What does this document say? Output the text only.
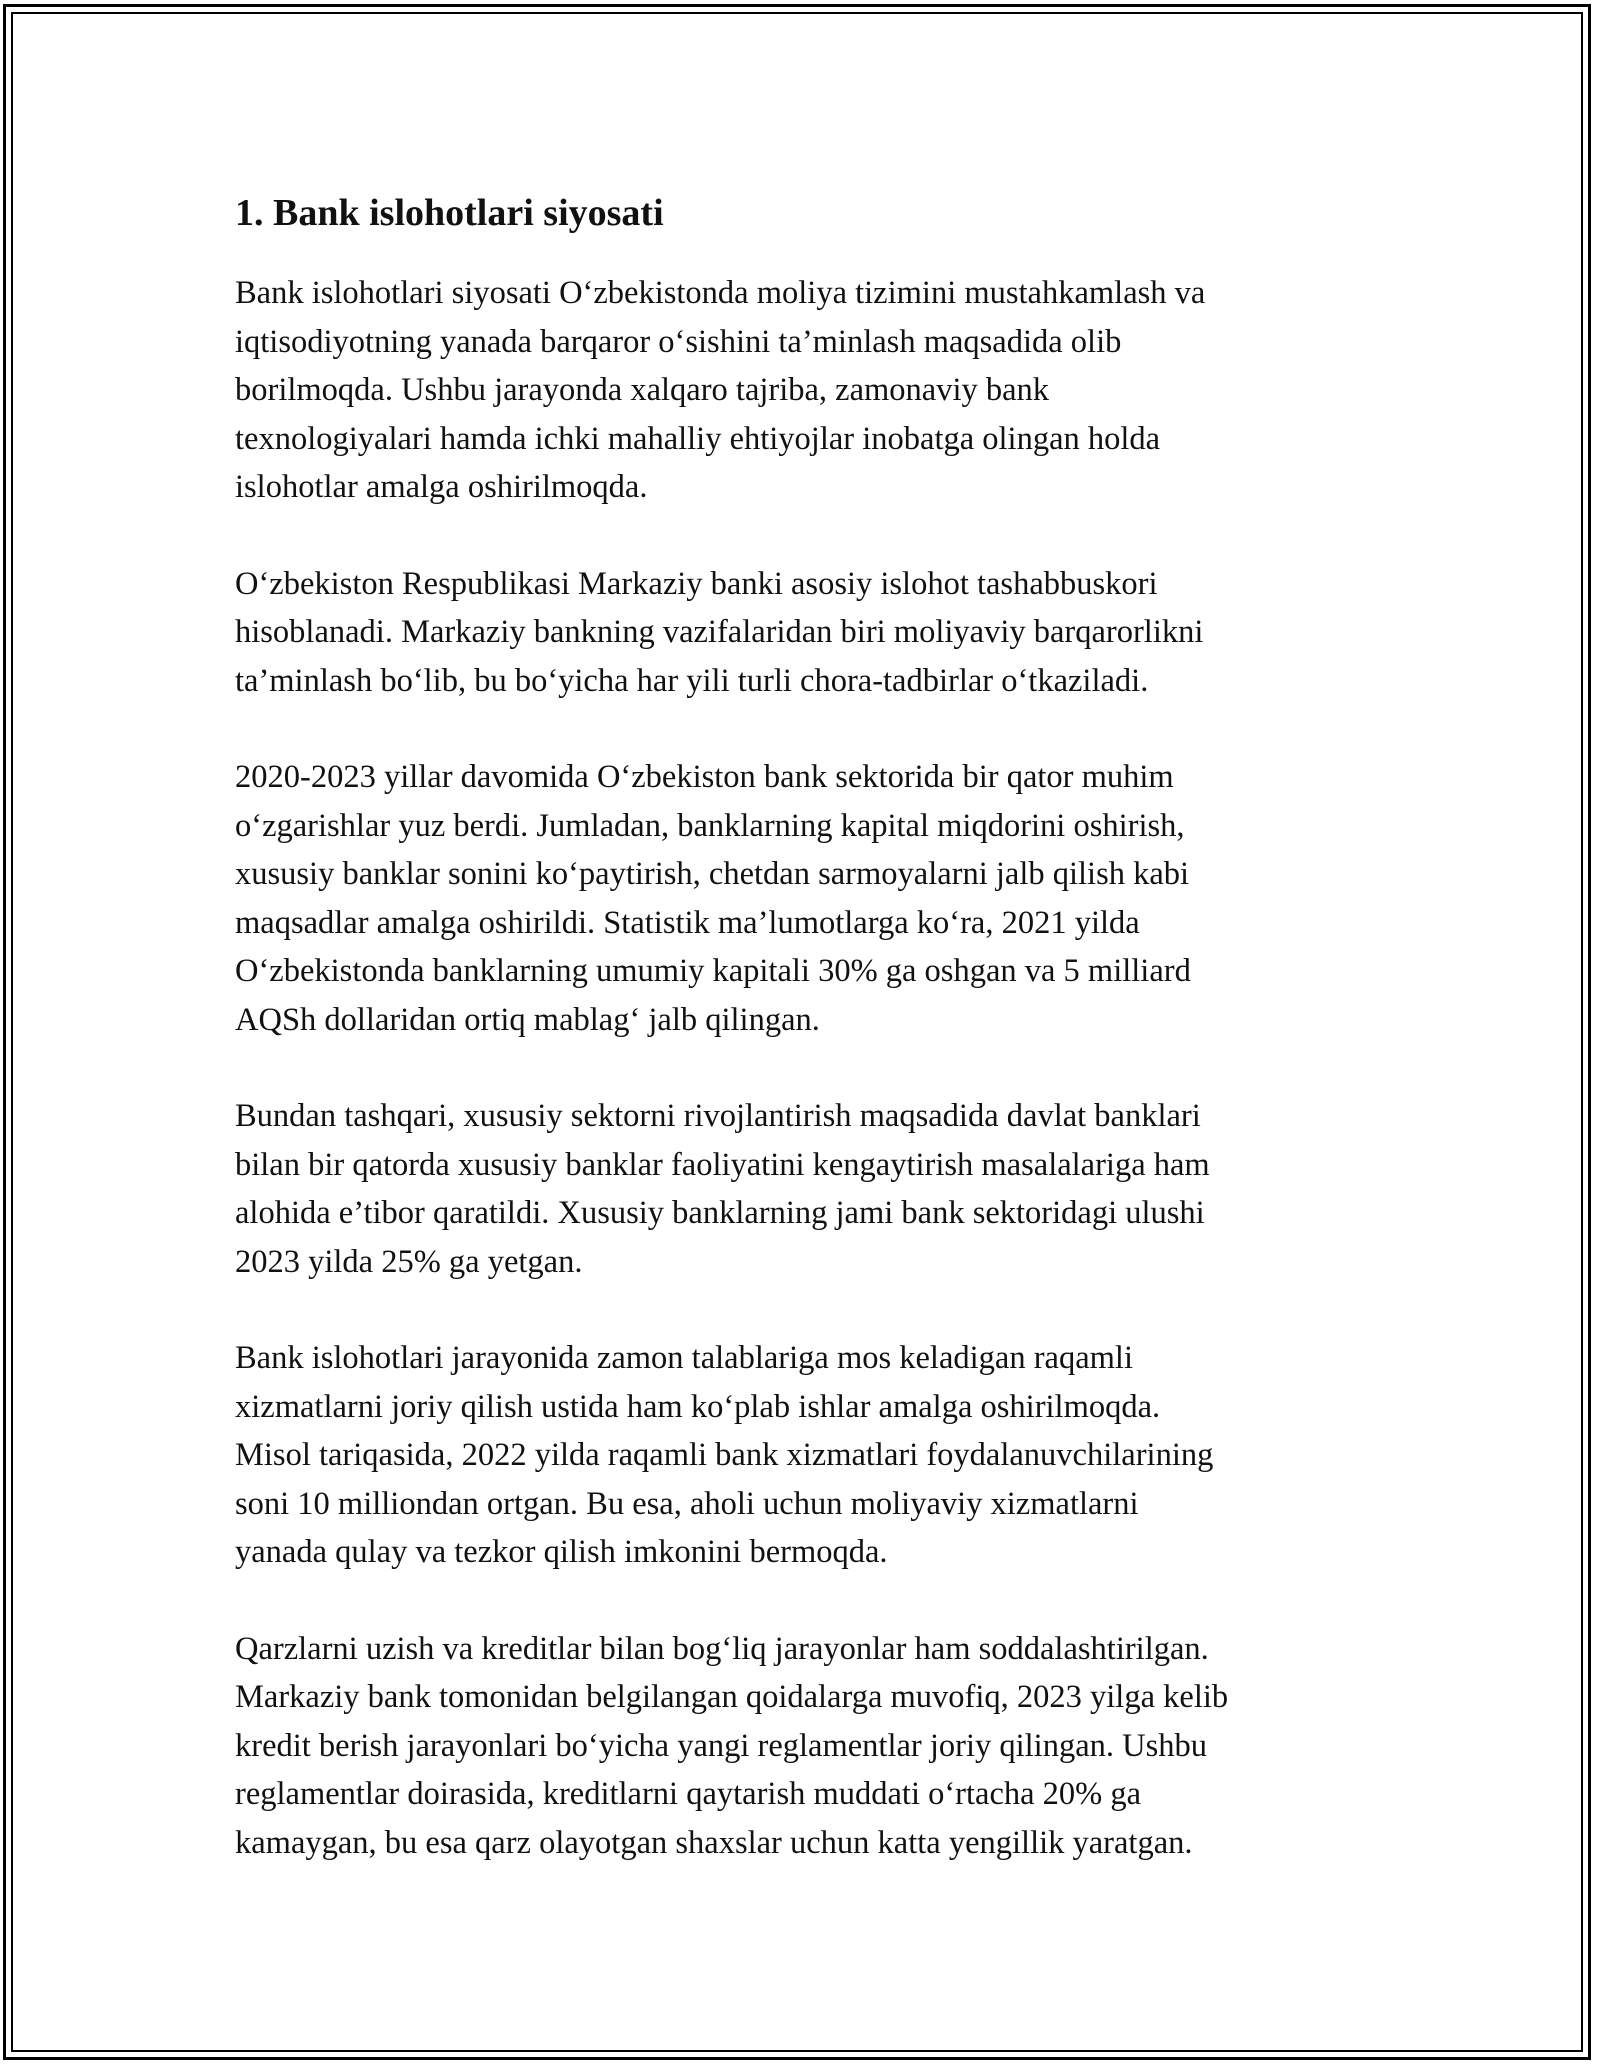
1. Bank islohotlari siyosati

Bank islohotlari siyosati O‘zbekistonda moliya tizimini mustahkamlash va
iqtisodiyotning yanada barqaror o‘sishini ta’minlash maqsadida olib
borilmoqda. Ushbu jarayonda xalqaro tajriba, zamonaviy bank
texnologiyalari hamda ichki mahalliy ehtiyojlar inobatga olingan holda
islohotlar amalga oshirilmoqda.

O‘zbekiston Respublikasi Markaziy banki asosiy islohot tashabbuskori
hisoblanadi. Markaziy bankning vazifalaridan biri moliyaviy barqarorlikni
ta’minlash bo‘lib, bu bo‘yicha har yili turli chora-tadbirlar o‘tkaziladi.

2020-2023 yillar davomida O‘zbekiston bank sektorida bir qator muhim
o‘zgarishlar yuz berdi. Jumladan, banklarning kapital miqdorini oshirish,
xususiy banklar sonini ko‘paytirish, chetdan sarmoyalarni jalb qilish kabi
maqsadlar amalga oshirildi. Statistik ma’lumotlarga ko‘ra, 2021 yilda
O‘zbekistonda banklarning umumiy kapitali 30% ga oshgan va 5 milliard
AQSh dollaridan ortiq mablag‘ jalb qilingan.

Bundan tashqari, xususiy sektorni rivojlantirish maqsadida davlat banklari
bilan bir qatorda xususiy banklar faoliyatini kengaytirish masalalariga ham
alohida e’tibor qaratildi. Xususiy banklarning jami bank sektoridagi ulushi
2023 yilda 25% ga yetgan.

Bank islohotlari jarayonida zamon talablariga mos keladigan raqamli
xizmatlarni joriy qilish ustida ham ko‘plab ishlar amalga oshirilmoqda.
Misol tariqasida, 2022 yilda raqamli bank xizmatlari foydalanuvchilarining
soni 10 milliondan ortgan. Bu esa, aholi uchun moliyaviy xizmatlarni
yanada qulay va tezkor qilish imkonini bermoqda.

Qarzlarni uzish va kreditlar bilan bog‘liq jarayonlar ham soddalashtirilgan.
Markaziy bank tomonidan belgilangan qoidalarga muvofiq, 2023 yilga kelib
kredit berish jarayonlari bo‘yicha yangi reglamentlar joriy qilingan. Ushbu
reglamentlar doirasida, kreditlarni qaytarish muddati o‘rtacha 20% ga
kamaygan, bu esa qarz olayotgan shaxslar uchun katta yengillik yaratgan.
